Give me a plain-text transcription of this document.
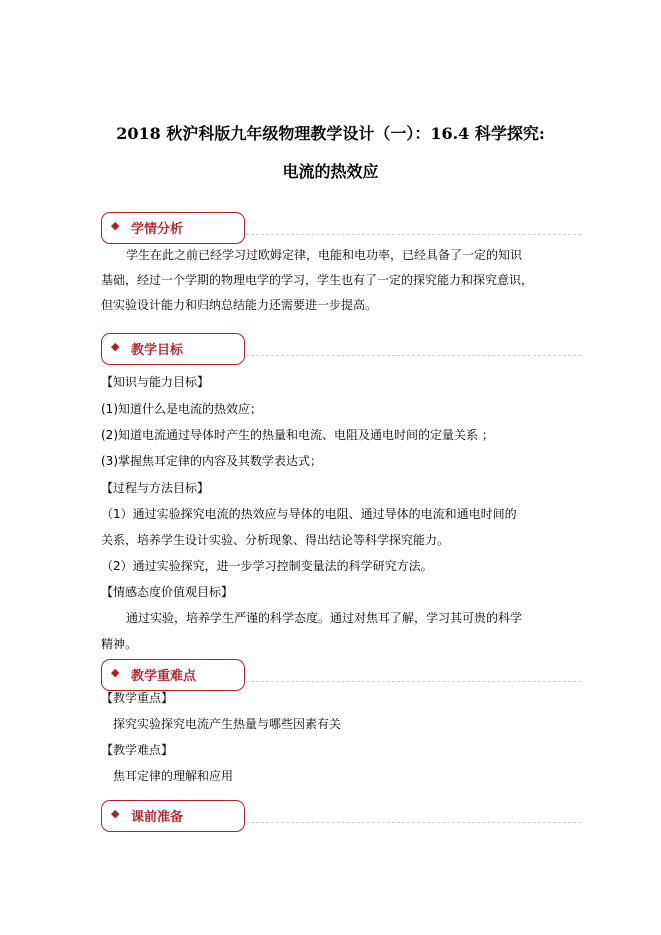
2018 秋沪科版九年级物理教学设计（一）：16.4 科学探究:
电流的热效应
◆ 学情分析
学生在此之前已经学习过欧姆定律，电能和电功率，已经具备了一定的知识
基础，经过一个学期的物理电学的学习，学生也有了一定的探究能力和探究意识，
但实验设计能力和归纳总结能力还需要进一步提高。
◆ 教学目标
【知识与能力目标】
(1)知道什么是电流的热效应；
(2)知道电流通过导体时产生的热量和电流、电阻及通电时间的定量关系 ；
(3)掌握焦耳定律的内容及其数学表达式；
【过程与方法目标】
（1）通过实验探究电流的热效应与导体的电阻、通过导体的电流和通电时间的
关系，培养学生设计实验、分析现象、得出结论等科学探究能力。
（2）通过实验探究，进一步学习控制变量法的科学研究方法。
【情感态度价值观目标】
通过实验，培养学生严谨的科学态度。通过对焦耳了解，学习其可贵的科学
精神。
◆ 教学重难点
【教学重点】
探究实验探究电流产生热量与哪些因素有关
【教学难点】
焦耳定律的理解和应用
◆ 课前准备
